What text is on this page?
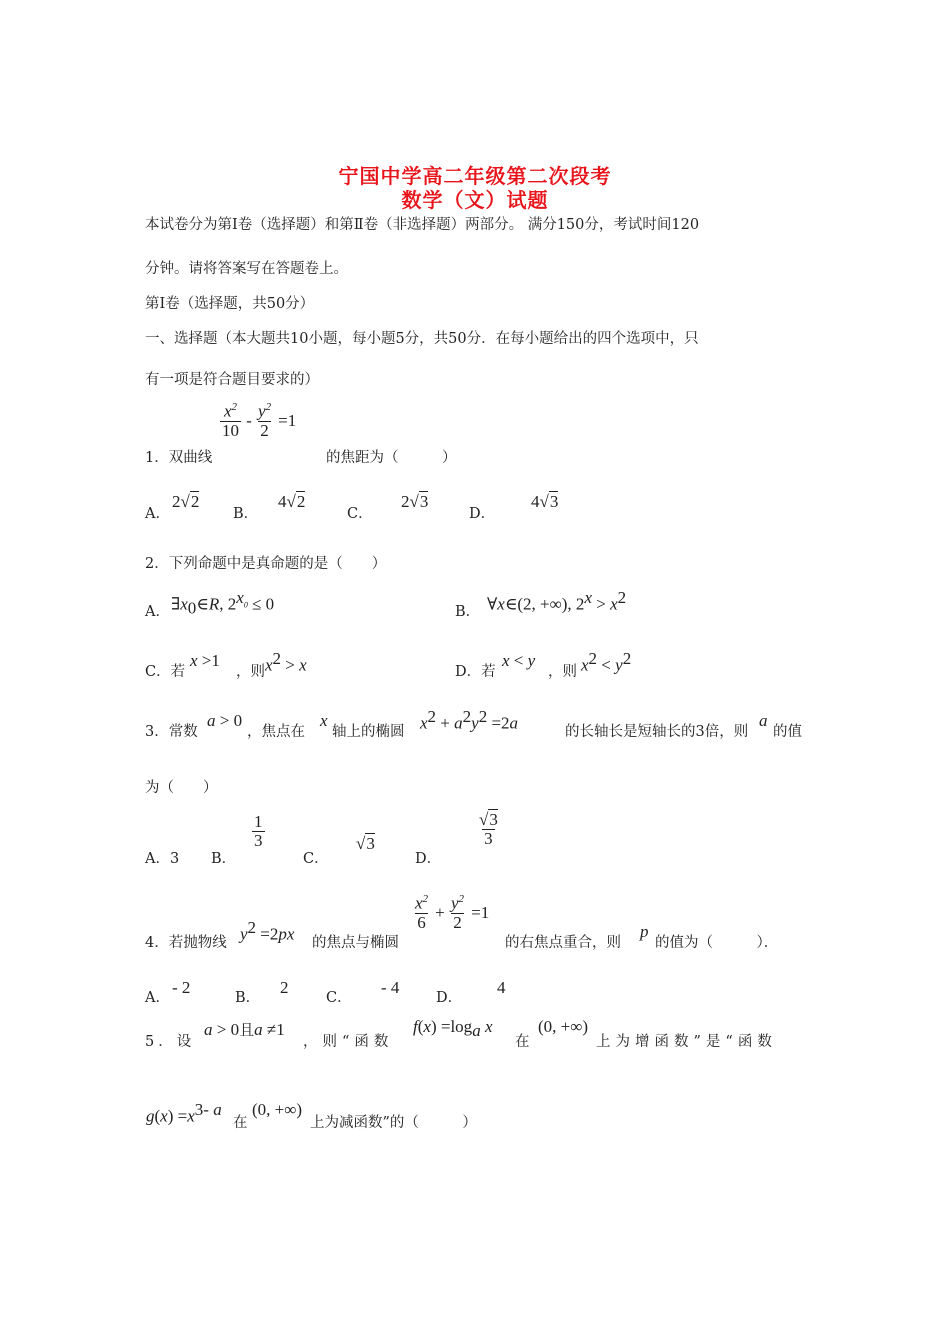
宁国中学高二年级第二次段考
数学（文）试题
本试卷分为第Ⅰ卷（选择题）和第Ⅱ卷（非选择题）两部分。 满分150分，考试时间120
分钟。请将答案写在答题卷上。
第Ⅰ卷（选择题，共50分）
一、选择题（本大题共10小题，每小题5分，共50分．在每小题给出的四个选项中，只
有一项是符合题目要求的）
1．双曲线
$\frac{x^2}{10} - \frac{y^2}{2} =1$
的焦距为（　　　）
A．
2√2
B．
4√2
C．
2√3
D．
4√3
2．下列命题中是真命题的是（　　）
A． $\exists x_0\in R$, $2^{x_0} \le 0$	B． ∀x∈(2, +∞), $2^x > x^2$
C．若
x >1
，则 $x^2 > x$	D．若
x < y
，则 $x^2 < y^2$
3．常数
a > 0
，焦点在
x
轴上的椭圆 $x^2 + a^2y^2 =2a$	的长轴长是短轴长的3倍，则
a
的值
为（　　）
A．3 B．
$\frac{1}{3}$
C．
√3
D．
$\frac{√3}{3}$
4．若抛物线 $y^2 =2px$ 的焦点与椭圆
$\frac{x^2}{6} + \frac{y^2}{2} =1$
的右焦点重合，则
p
的值为（　　　）．
A．
- 2
B．
2
C．
- 4
D．
4
5．设
a > 0且a ≠1
，则“函数
$f(x) =\log_a$ x
在
(0, +∞)
上为增函数”是“函数
$g(x) =x^{3- a}$
在
(0, +∞)
上为减函数”的（　　　）
